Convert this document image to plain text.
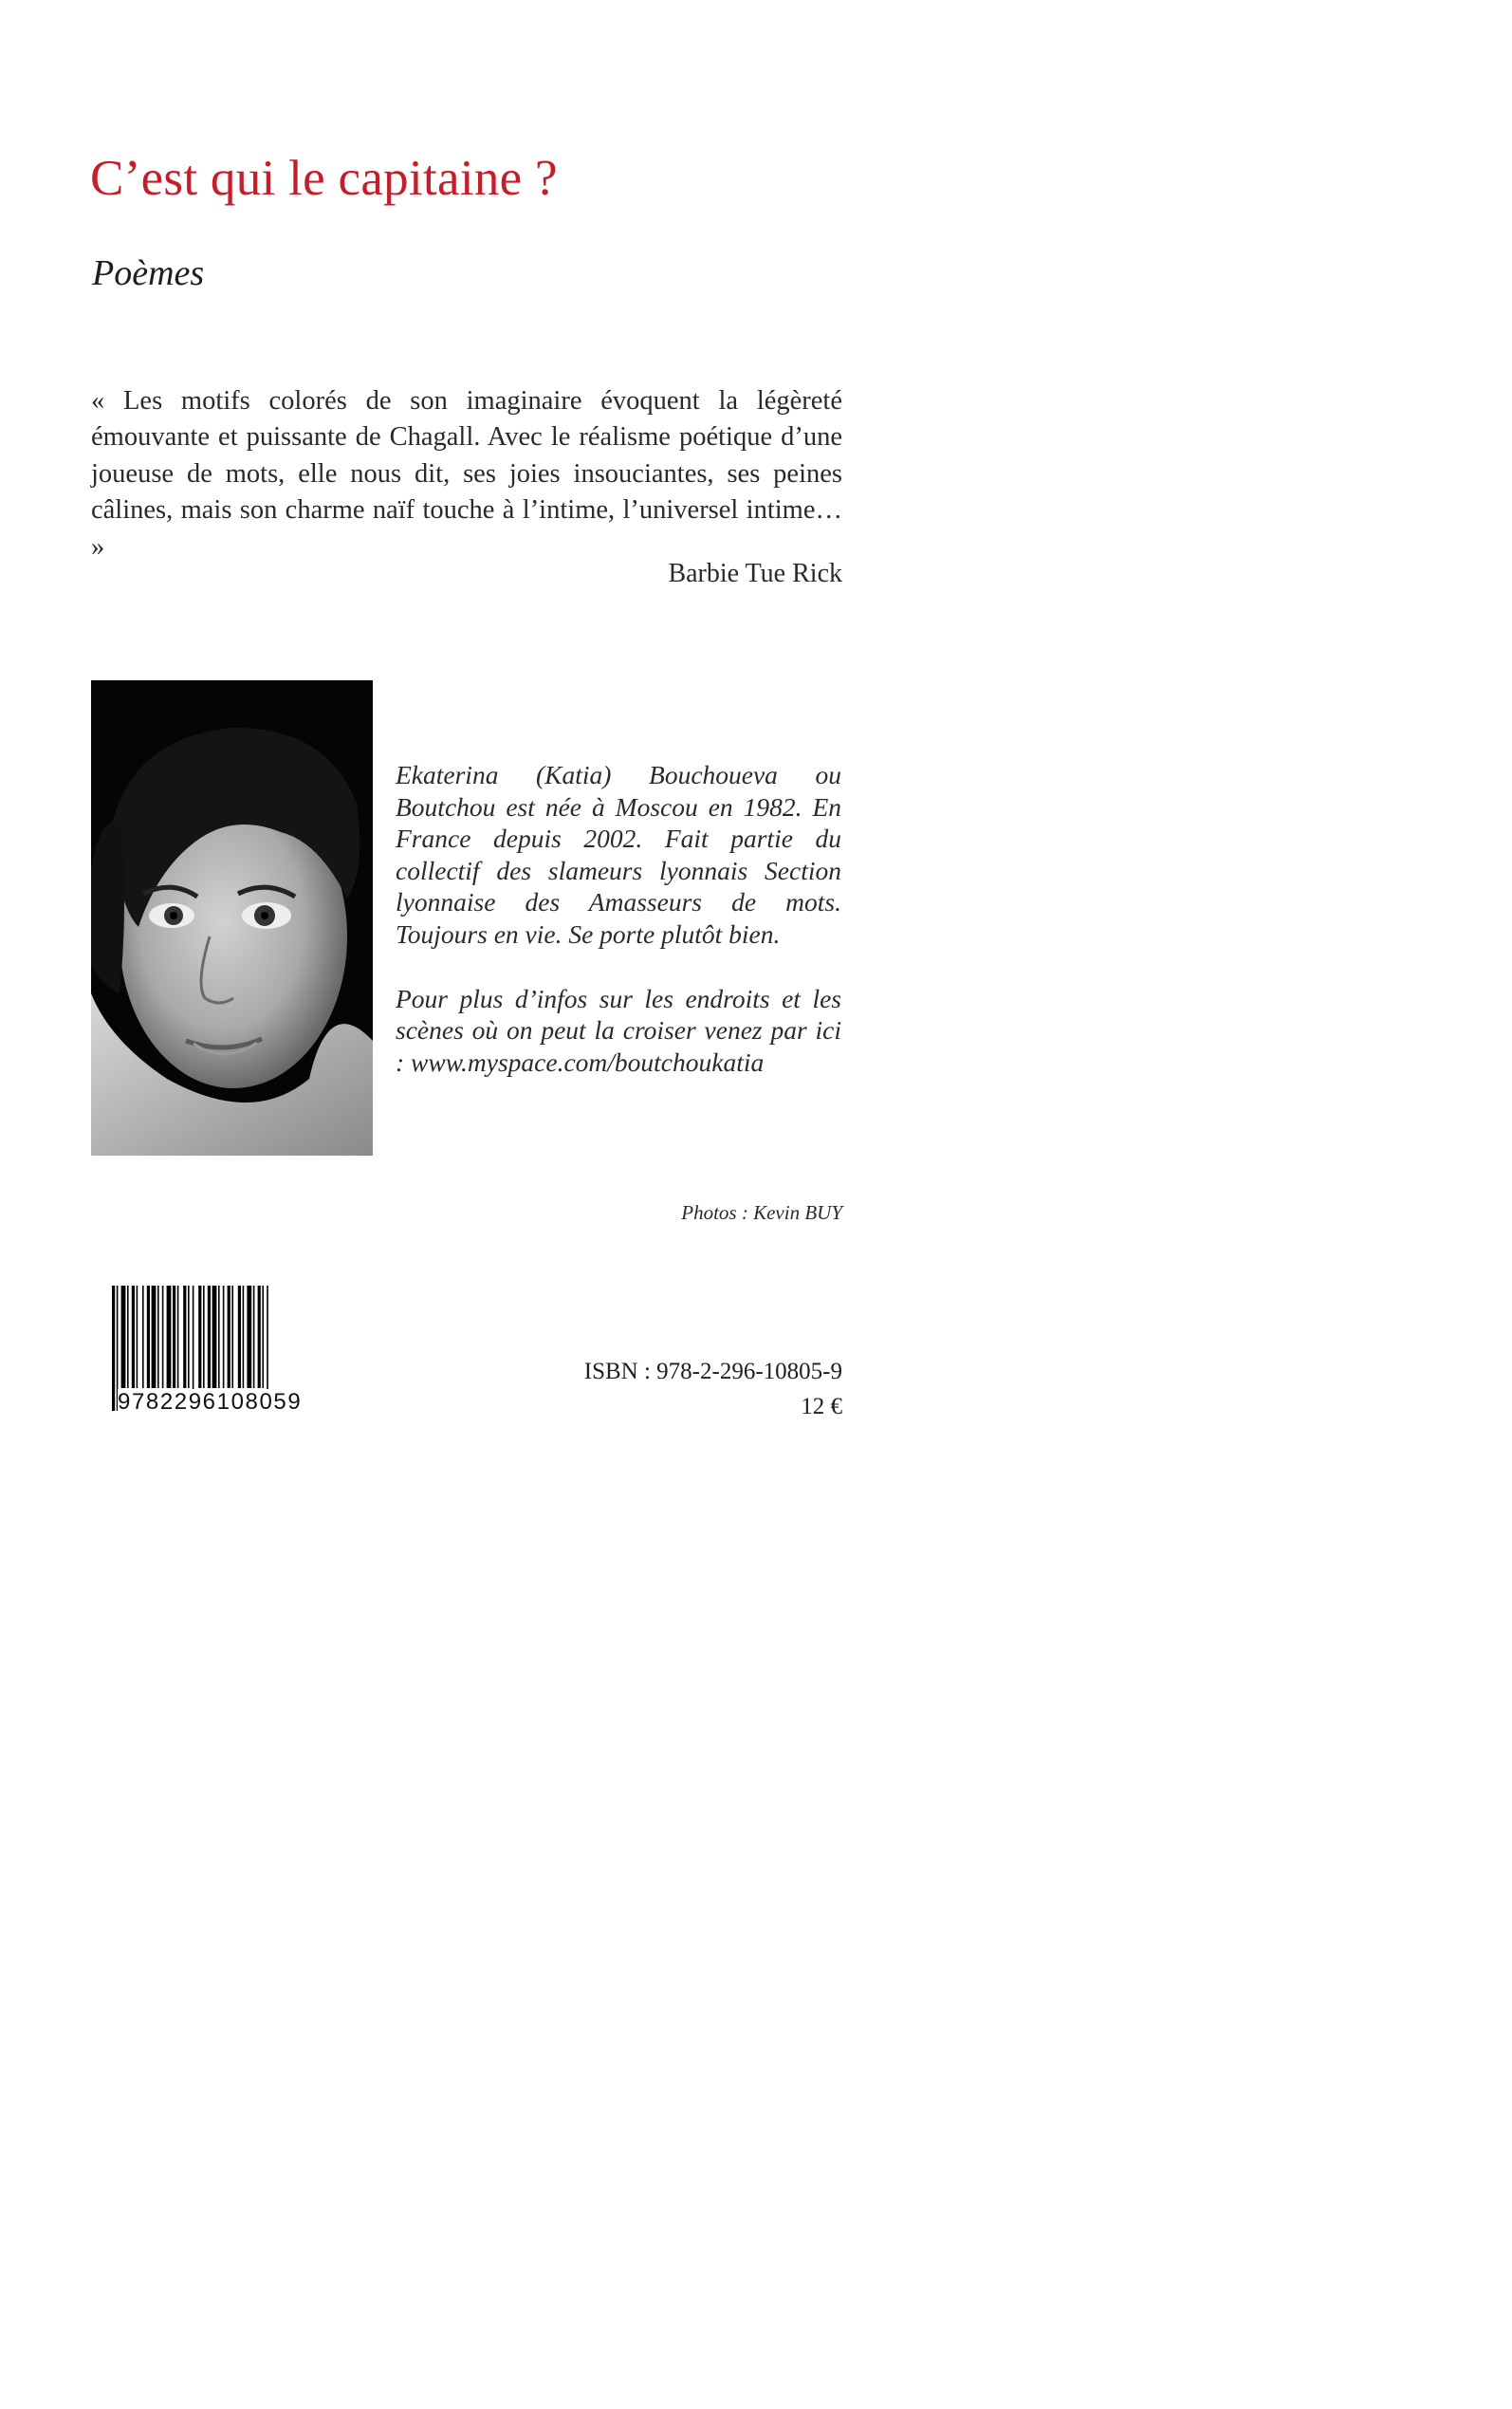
C’est qui le capitaine ?
Poèmes
« Les motifs colorés de son imaginaire évoquent la légèreté émouvante et puissante de Chagall. Avec le réalisme poétique d’une joueuse de mots, elle nous dit, ses joies insouciantes, ses peines câlines, mais son charme naïf touche à l’intime, l’universel intime… »
Barbie Tue Rick

Ekaterina (Katia) Bouchoueva ou Boutchou est née à Moscou en 1982. En France depuis 2002. Fait partie du collectif des slameurs lyonnais Section lyonnaise des Amasseurs de mots. Toujours en vie. Se porte plutôt bien.

Pour plus d’infos sur les endroits et les scènes où on peut la croiser venez par ici : www.myspace.com/boutchoukatia

Photos : Kevin BUY
9782296108059
ISBN : 978-2-296-10805-9
12 €
